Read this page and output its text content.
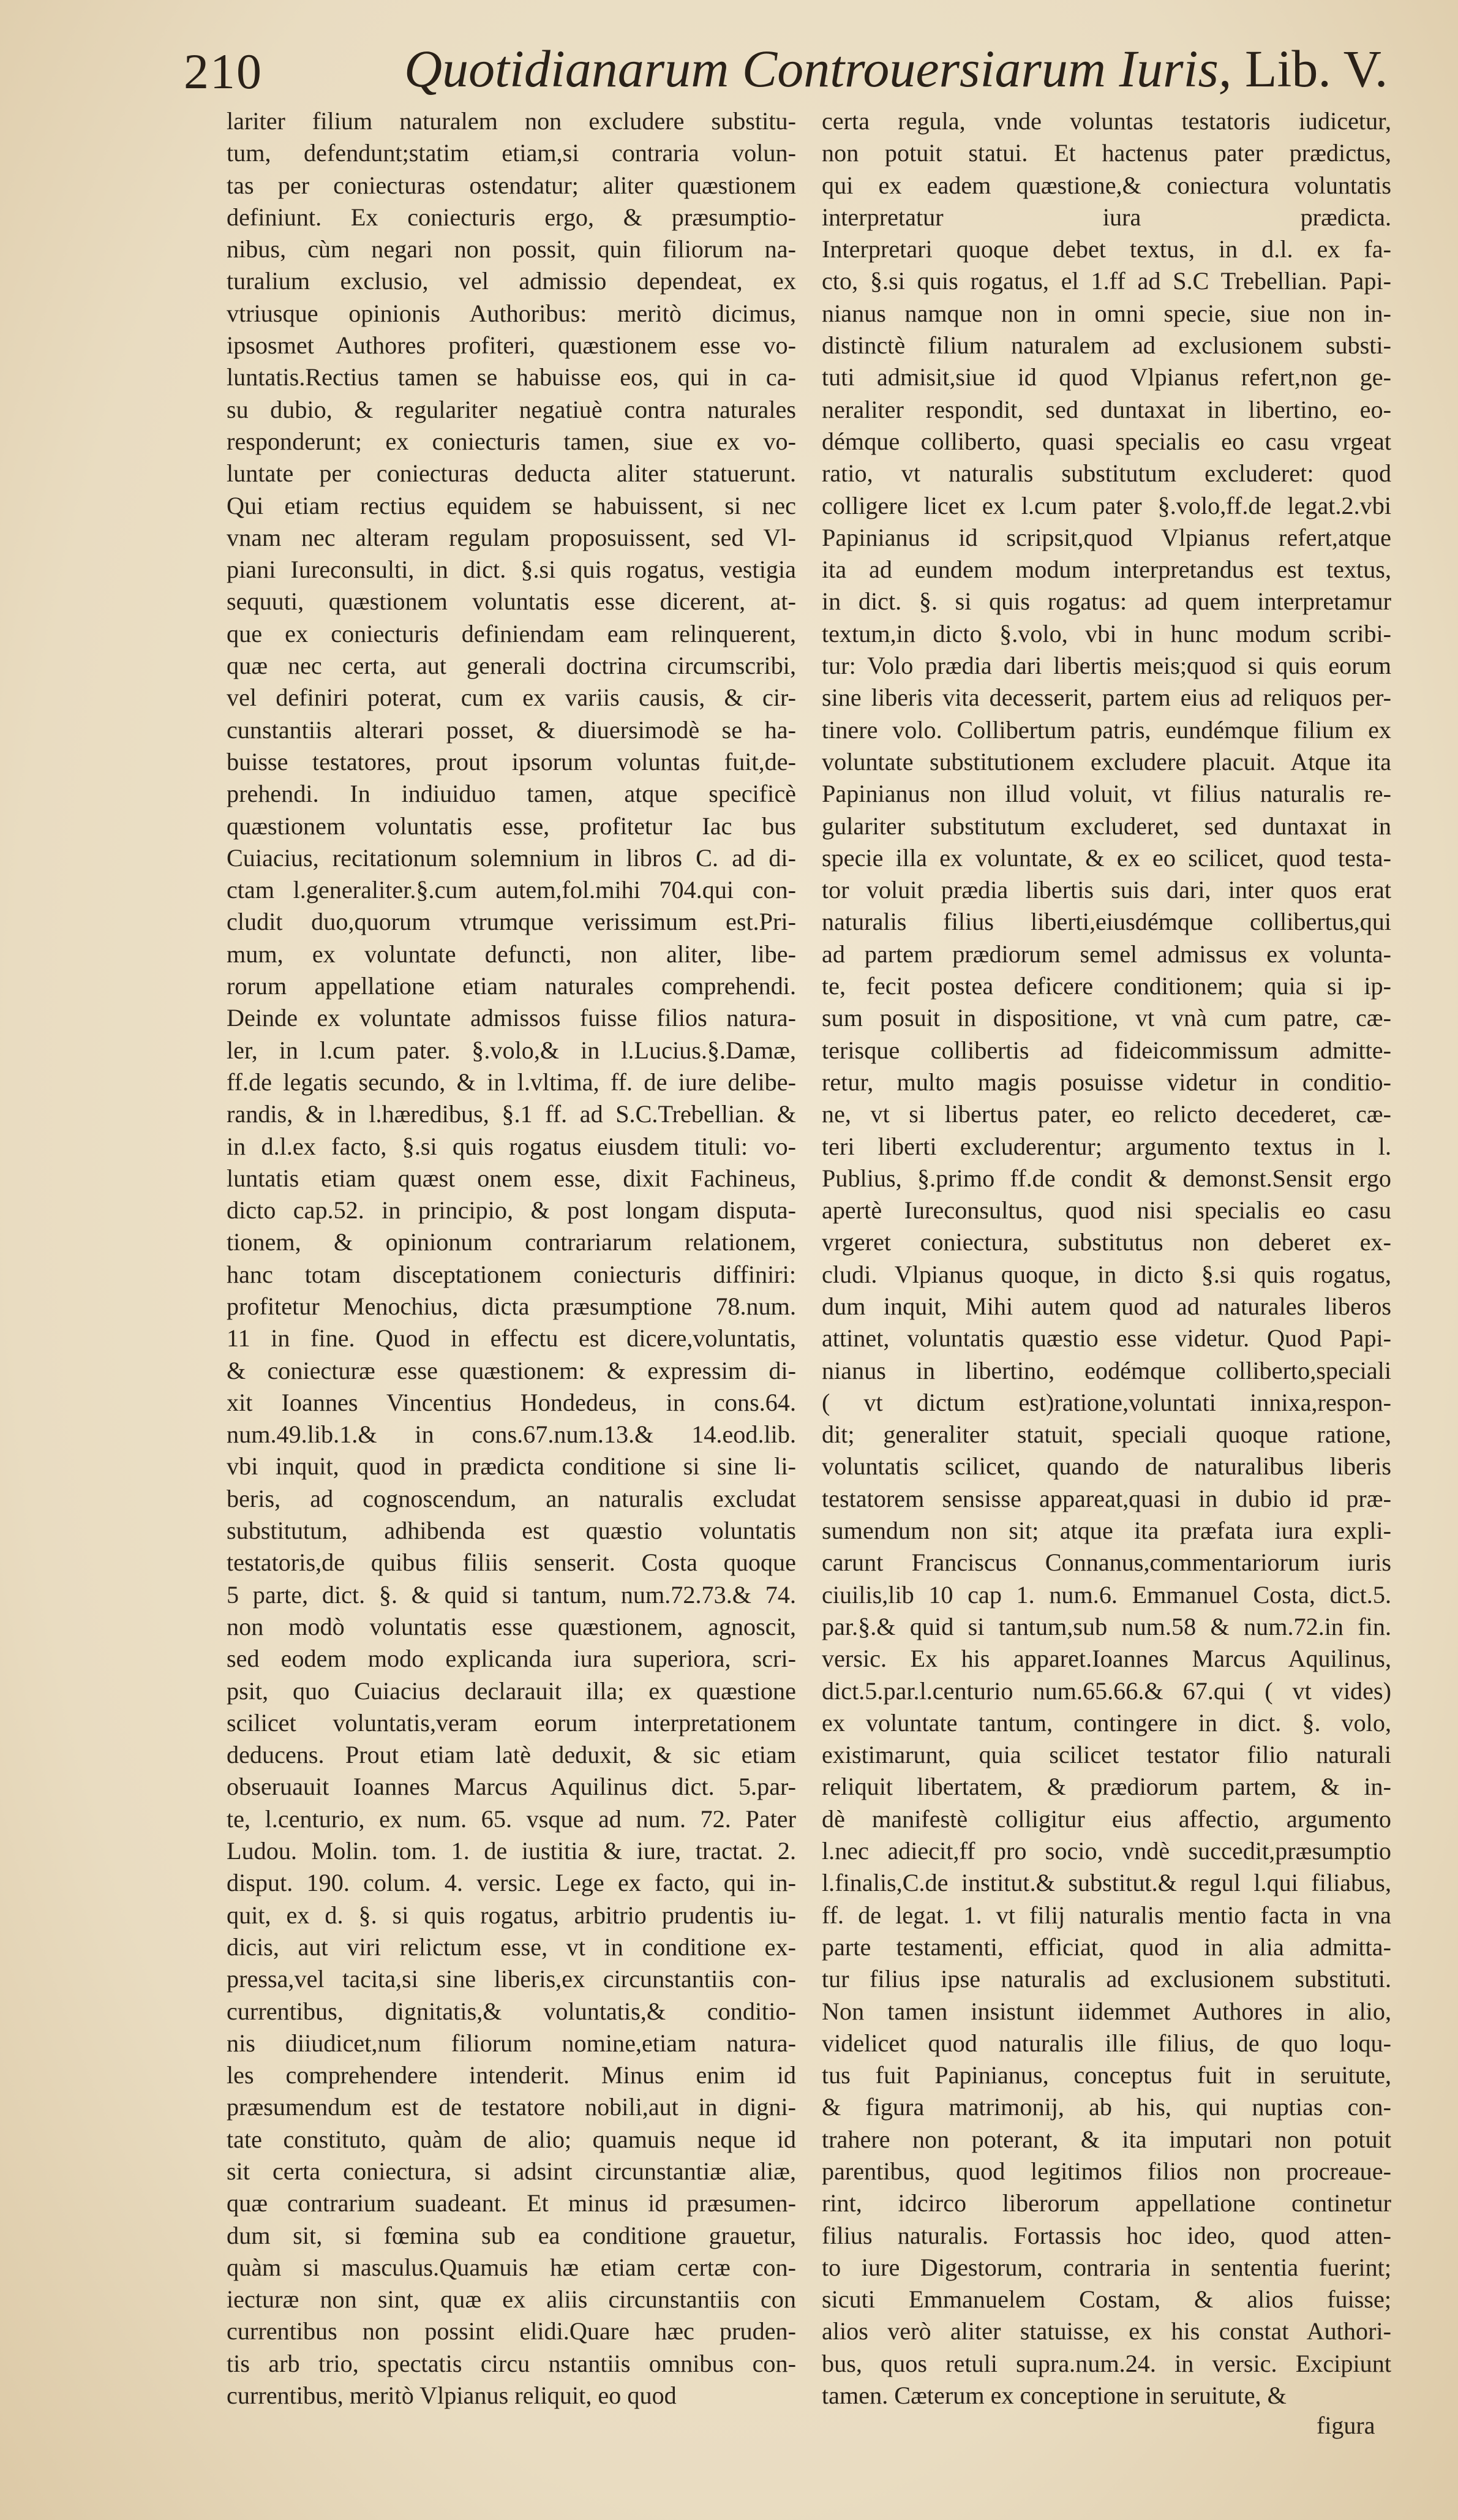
210	Quotidianarum Controuersiarum Iuris, Lib. V.
lariter filium naturalem non excludere substitu-
tum, defendunt;statim etiam,si contraria volun-
tas per coniecturas ostendatur; aliter quæstionem
definiunt. Ex coniecturis ergo, & præsumptio-
nibus, cùm negari non possit, quin filiorum na-
turalium exclusio, vel admissio dependeat, ex
vtriusque opinionis Authoribus: meritò dicimus,
ipsosmet Authores profiteri, quæstionem esse vo-
luntatis.Rectius tamen se habuisse eos, qui in ca-
su dubio, & regulariter negatiuè contra naturales
responderunt; ex coniecturis tamen, siue ex vo-
luntate per coniecturas deducta aliter statuerunt.
Qui etiam rectius equidem se habuissent, si nec
vnam nec alteram regulam proposuissent, sed Vl-
piani Iureconsulti, in dict. §.si quis rogatus, vestigia
sequuti, quæstionem voluntatis esse dicerent, at-
que ex coniecturis definiendam eam relinquerent,
quæ nec certa, aut generali doctrina circumscribi,
vel definiri poterat, cum ex variis causis, & cir-
cunstantiis alterari posset, & diuersimodè se ha-
buisse testatores, prout ipsorum voluntas fuit,de-
prehendi. In indiuiduo tamen, atque specificè
quæstionem voluntatis esse, profitetur Iac bus
Cuiacius, recitationum solemnium in libros C. ad di-
ctam l.generaliter.§.cum autem,fol.mihi 704.qui con-
cludit duo,quorum vtrumque verissimum est.Pri-
mum, ex voluntate defuncti, non aliter, libe-
rorum appellatione etiam naturales comprehendi.
Deinde ex voluntate admissos fuisse filios natura-
ler, in l.cum pater. §.volo,& in l.Lucius.§.Damæ,
ff.de legatis secundo, & in l.vltima, ff. de iure delibe-
randis, & in l.hæredibus, §.1 ff. ad S.C.Trebellian. &
in d.l.ex facto, §.si quis rogatus eiusdem tituli: vo-
luntatis etiam quæst onem esse, dixit Fachineus,
dicto cap.52. in principio, & post longam disputa-
tionem, & opinionum contrariarum relationem,
hanc totam disceptationem coniecturis diffiniri:
profitetur Menochius, dicta præsumptione 78.num.
11 in fine. Quod in effectu est dicere,voluntatis,
& coniecturæ esse quæstionem: & expressim di-
xit Ioannes Vincentius Hondedeus, in cons.64.
num.49.lib.1.& in cons.67.num.13.& 14.eod.lib.
vbi inquit, quod in prædicta conditione si sine li-
beris, ad cognoscendum, an naturalis excludat
substitutum, adhibenda est quæstio voluntatis
testatoris,de quibus filiis senserit. Costa quoque
5 parte, dict. §. & quid si tantum, num.72.73.& 74.
non modò voluntatis esse quæstionem, agnoscit,
sed eodem modo explicanda iura superiora, scri-
psit, quo Cuiacius declarauit illa; ex quæstione
scilicet voluntatis,veram eorum interpretationem
deducens. Prout etiam latè deduxit, & sic etiam
obseruauit Ioannes Marcus Aquilinus dict. 5.par-
te, l.centurio, ex num. 65. vsque ad num. 72. Pater
Ludou. Molin. tom. 1. de iustitia & iure, tractat. 2.
disput. 190. colum. 4. versic. Lege ex facto, qui in-
quit, ex d. §. si quis rogatus, arbitrio prudentis iu-
dicis, aut viri relictum esse, vt in conditione ex-
pressa,vel tacita,si sine liberis,ex circunstantiis con-
currentibus, dignitatis,& voluntatis,& conditio-
nis diiudicet,num filiorum nomine,etiam natura-
les comprehendere intenderit. Minus enim id
præsumendum est de testatore nobili,aut in digni-
tate constituto, quàm de alio; quamuis neque id
sit certa coniectura, si adsint circunstantiæ aliæ,
quæ contrarium suadeant. Et minus id præsumen-
dum sit, si fœmina sub ea conditione grauetur,
quàm si masculus.Quamuis hæ etiam certæ con-
iecturæ non sint, quæ ex aliis circunstantiis con
currentibus non possint elidi.Quare hæc pruden-
tis arb trio, spectatis circu nstantiis omnibus con-
currentibus, meritò Vlpianus reliquit, eo quod
certa regula, vnde voluntas testatoris iudicetur,
non potuit statui. Et hactenus pater prædictus,
qui ex eadem quæstione,& coniectura voluntatis
interpretatur iura prædicta.
Interpretari quoque debet textus, in d.l. ex fa-
cto, §.si quis rogatus, el 1.ff ad S.C Trebellian. Papi-
nianus namque non in omni specie, siue non in-
distinctè filium naturalem ad exclusionem substi-
tuti admisit,siue id quod Vlpianus refert,non ge-
neraliter respondit, sed duntaxat in libertino, eo-
démque colliberto, quasi specialis eo casu vrgeat
ratio, vt naturalis substitutum excluderet: quod
colligere licet ex l.cum pater §.volo,ff.de legat.2.vbi
Papinianus id scripsit,quod Vlpianus refert,atque
ita ad eundem modum interpretandus est textus,
in dict. §. si quis rogatus: ad quem interpretamur
textum,in dicto §.volo, vbi in hunc modum scribi-
tur: Volo prædia dari libertis meis;quod si quis eorum
sine liberis vita decesserit, partem eius ad reliquos per-
tinere volo. Collibertum patris, eundémque filium ex
voluntate substitutionem excludere placuit. Atque ita
Papinianus non illud voluit, vt filius naturalis re-
gulariter substitutum excluderet, sed duntaxat in
specie illa ex voluntate, & ex eo scilicet, quod testa-
tor voluit prædia libertis suis dari, inter quos erat
naturalis filius liberti,eiusdémque collibertus,qui
ad partem prædiorum semel admissus ex volunta-
te, fecit postea deficere conditionem; quia si ip-
sum posuit in dispositione, vt vnà cum patre, cæ-
terisque collibertis ad fideicommissum admitte-
retur, multo magis posuisse videtur in conditio-
ne, vt si libertus pater, eo relicto decederet, cæ-
teri liberti excluderentur; argumento textus in l.
Publius, §.primo ff.de condit & demonst.Sensit ergo
apertè Iureconsultus, quod nisi specialis eo casu
vrgeret coniectura, substitutus non deberet ex-
cludi. Vlpianus quoque, in dicto §.si quis rogatus,
dum inquit, Mihi autem quod ad naturales liberos
attinet, voluntatis quæstio esse videtur. Quod Papi-
nianus in libertino, eodémque colliberto,speciali
( vt dictum est)ratione,voluntati innixa,respon-
dit; generaliter statuit, speciali quoque ratione,
voluntatis scilicet, quando de naturalibus liberis
testatorem sensisse appareat,quasi in dubio id præ-
sumendum non sit; atque ita præfata iura expli-
carunt Franciscus Connanus,commentariorum iuris
ciuilis,lib 10 cap 1. num.6. Emmanuel Costa, dict.5.
par.§.& quid si tantum,sub num.58 & num.72.in fin.
versic. Ex his apparet.Ioannes Marcus Aquilinus,
dict.5.par.l.centurio num.65.66.& 67.qui ( vt vides)
ex voluntate tantum, contingere in dict. §. volo,
existimarunt, quia scilicet testator filio naturali
reliquit libertatem, & prædiorum partem, & in-
dè manifestè colligitur eius affectio, argumento
l.nec adiecit,ff pro socio, vndè succedit,præsumptio
l.finalis,C.de institut.& substitut.& regul l.qui filiabus,
ff. de legat. 1. vt filij naturalis mentio facta in vna
parte testamenti, efficiat, quod in alia admitta-
tur filius ipse naturalis ad exclusionem substituti.
Non tamen insistunt iidemmet Authores in alio,
videlicet quod naturalis ille filius, de quo loqu-
tus fuit Papinianus, conceptus fuit in seruitute,
& figura matrimonij, ab his, qui nuptias con-
trahere non poterant, & ita imputari non potuit
parentibus, quod legitimos filios non procreaue-
rint, idcirco liberorum appellatione continetur
filius naturalis. Fortassis hoc ideo, quod atten-
to iure Digestorum, contraria in sententia fuerint;
sicuti Emmanuelem Costam, & alios fuisse;
alios verò aliter statuisse, ex his constat Authori-
bus, quos retuli supra.num.24. in versic. Excipiunt
tamen. Cæterum ex conceptione in seruitute, &
figura
